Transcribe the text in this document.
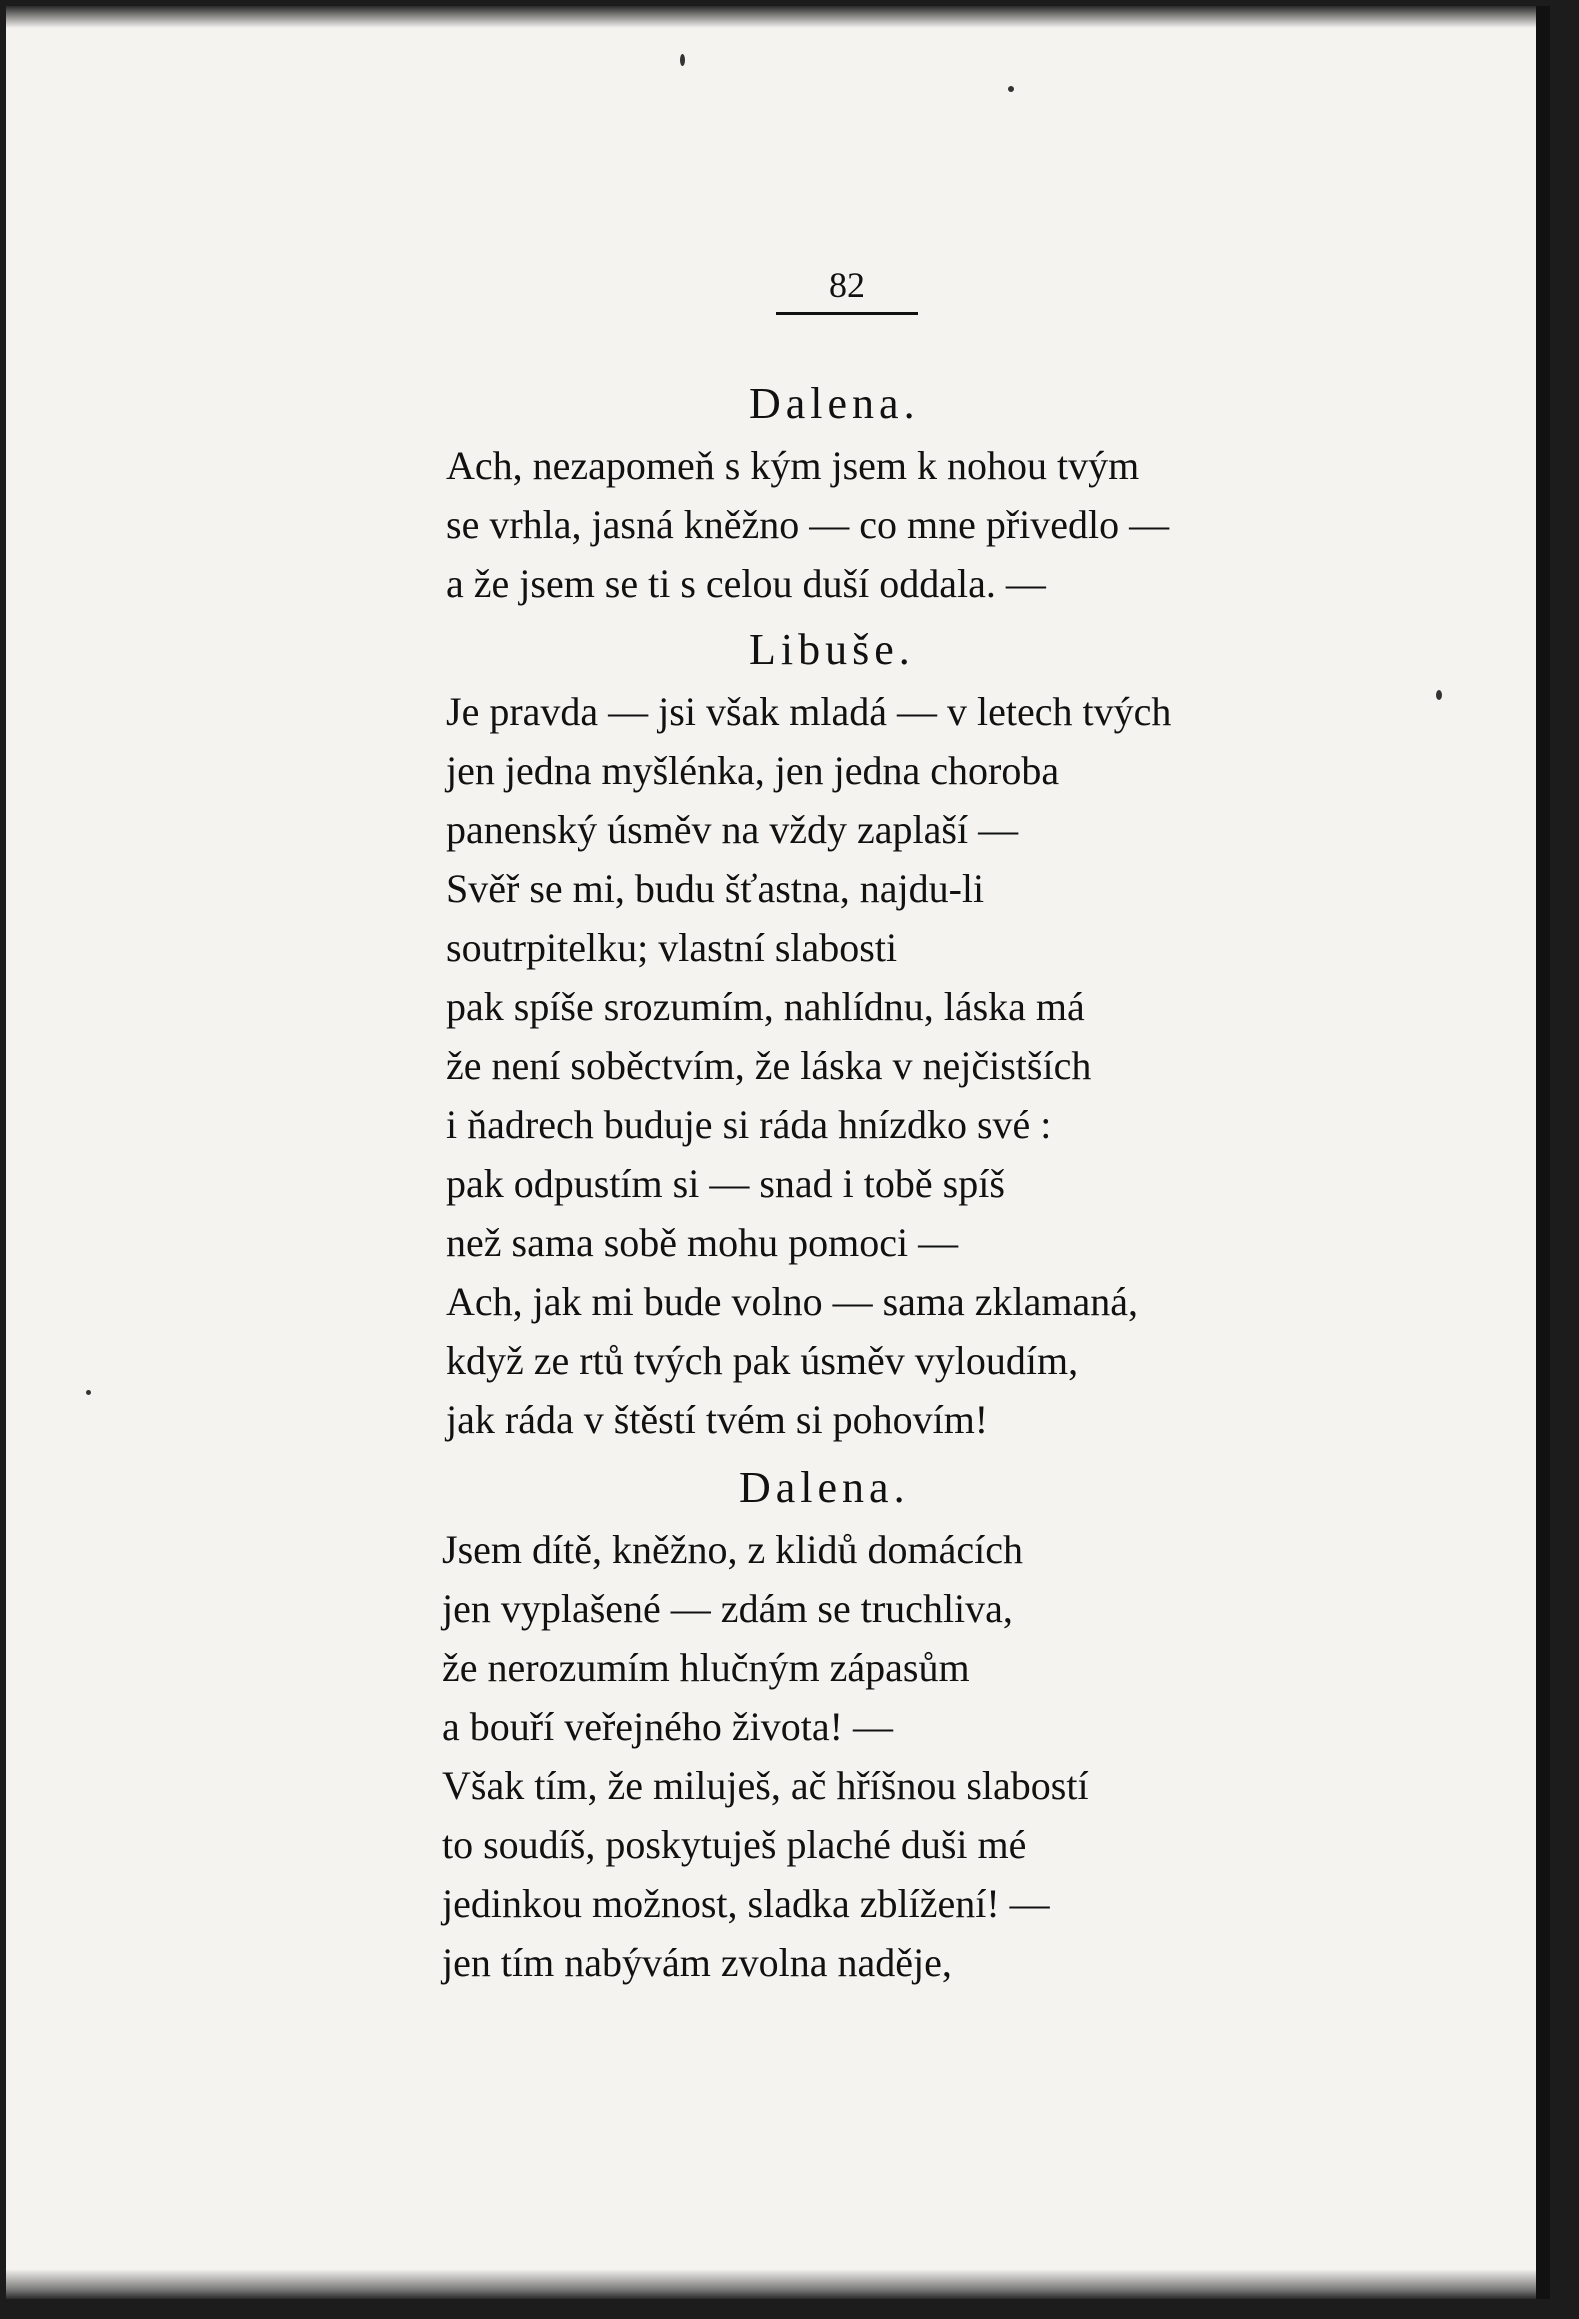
82
Dalena.

Ach, nezapomeň s kým jsem k nohou tvým

se vrhla, jasná kněžno — co mne přivedlo —

a že jsem se ti s celou duší oddala. —

Libuše.

Je pravda — jsi však mladá — v letech tvých

jen jedna myšlénka, jen jedna choroba

panenský úsměv na vždy zaplaší —

Svěř se mi, budu šťastna, najdu-li

soutrpitelku; vlastní slabosti

pak spíše srozumím, nahlídnu, láska má

že není soběctvím, že láska v nejčistších

i ňadrech buduje si ráda hnízdko své :

pak odpustím si — snad i tobě spíš

než sama sobě mohu pomoci —

Ach, jak mi bude volno — sama zklamaná,

když ze rtů tvých pak úsměv vyloudím,

jak ráda v štěstí tvém si pohovím!

Dalena.

Jsem dítě, kněžno, z klidů domácích

jen vyplašené — zdám se truchliva,

že nerozumím hlučným zápasům

a bouří veřejného života! —

Však tím, že miluješ, ač hříšnou slabostí

to soudíš, poskytuješ plaché duši mé

jedinkou možnost, sladka zblížení! —

jen tím nabývám zvolna naděje,
